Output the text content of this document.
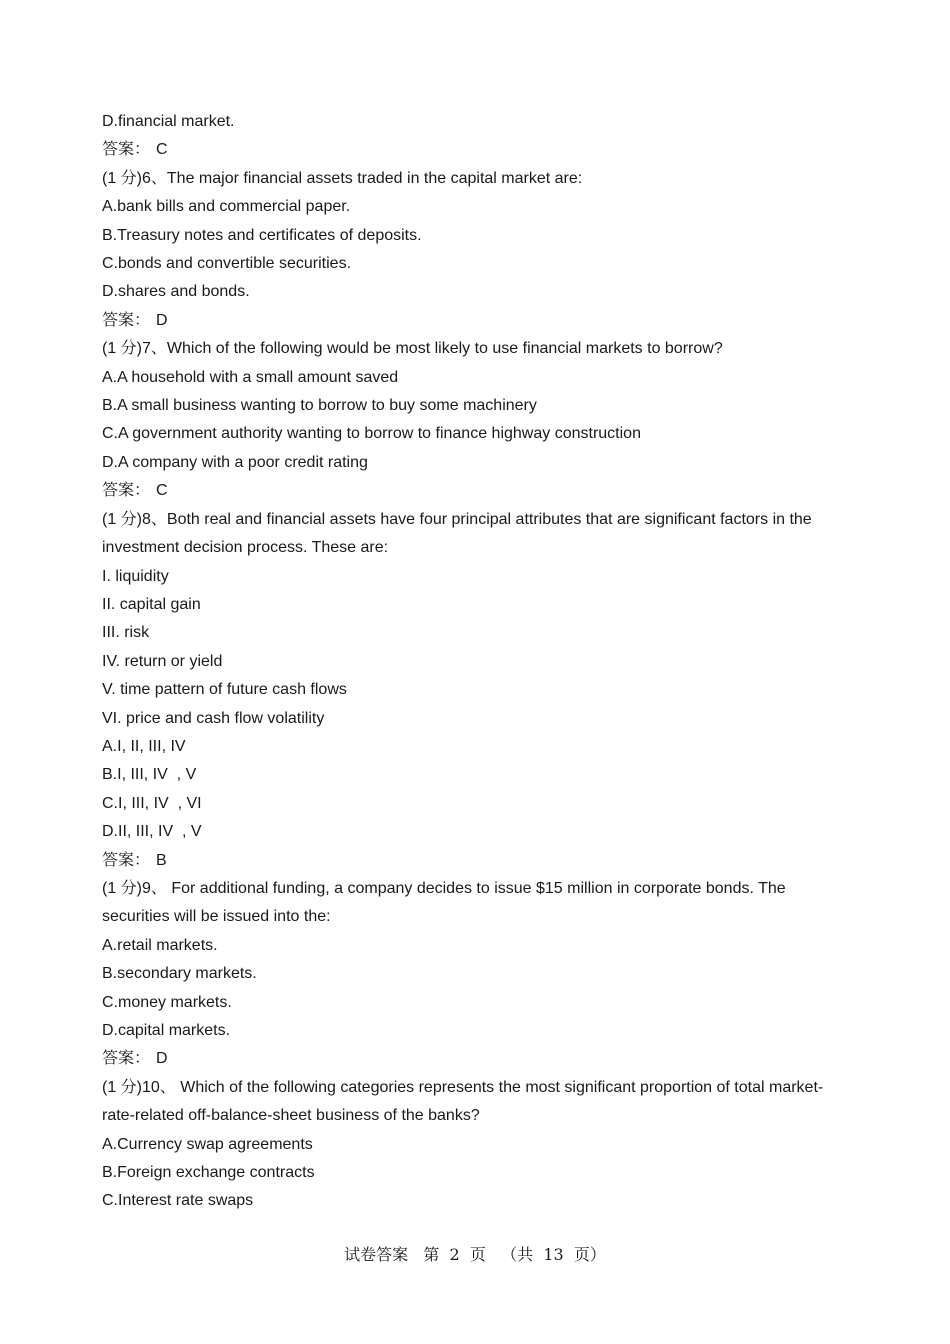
D.financial market.

答案： C

(1 分)6、The major financial assets traded in the capital market are:

A.bank bills and commercial paper.

B.Treasury notes and certificates of deposits.

C.bonds and convertible securities.

D.shares and bonds.

答案： D

(1 分)7、Which of the following would be most likely to use financial markets to borrow?

A.A household with a small amount saved

B.A small business wanting to borrow to buy some machinery

C.A government authority wanting to borrow to finance highway construction

D.A company with a poor credit rating

答案： C

(1 分)8、Both real and financial assets have four principal attributes that are significant factors in the investment decision process. These are:

I. liquidity

II. capital gain

III. risk

IV. return or yield

V. time pattern of future cash flows

VI. price and cash flow volatility

A.I, II, III, IV

B.I, III, IV  , V

C.I, III, IV  , VI

D.II, III, IV  , V

答案： B

(1 分)9、 For additional funding, a company decides to issue $15 million in corporate bonds. The securities will be issued into the:

A.retail markets.

B.secondary markets.

C.money markets.

D.capital markets.

答案： D

(1 分)10、 Which of the following categories represents the most significant proportion of total market-rate-related off-balance-sheet business of the banks?

A.Currency swap agreements

B.Foreign exchange contracts

C.Interest rate swaps

试卷答案   第  2  页   （共  13  页）
